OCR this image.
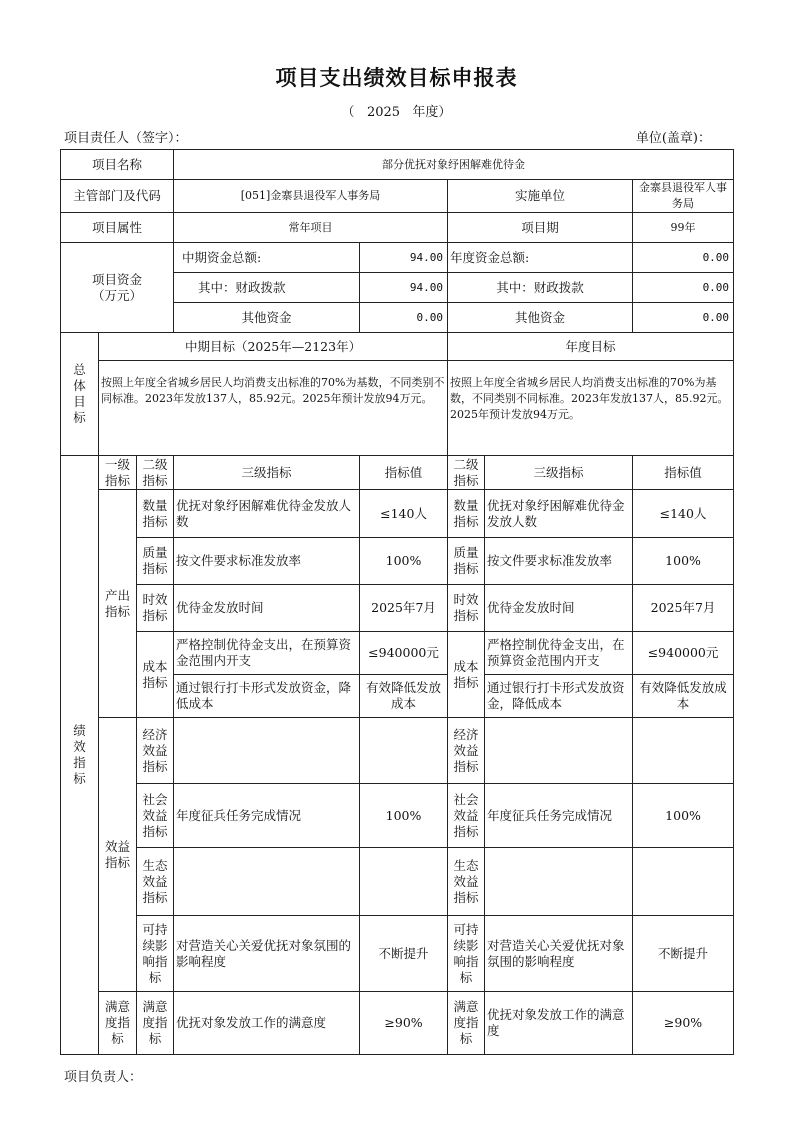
项目支出绩效目标申报表
（   2025   年度）
项目责任人（签字）：	单位(盖章)：
项目名称			部分优抚对象纾困解难优待金				
主管部门及代码			[051]金寨县退役军人事务局		实施单位		金寨县退役军人事务局
项目属性			常年项目		项目期		99年
项目资金（万元）			中期资金总额:	94.00	年度资金总额:		0.00
			其中：财政拨款	94.00	其中：财政拨款		0.00
			其他资金	0.00	其他资金		0.00
总体目标	中期目标（2025年—2123年）				年度目标		
	按照上年度全省城乡居民人均消费支出标准的70%为基数，不同类别不同标准。2023年发放137人，85.92元。2025年预计发放94万元。				按照上年度全省城乡居民人均消费支出标准的70%为基数，不同类别不同标准。2023年发放137人，85.92元。2025年预计发放94万元。		
绩效指标	一级指标	二级指标	三级指标	指标值	二级指标	三级指标	指标值
	产出指标	数量指标	优抚对象纾困解难优待金发放人数	≤140人	数量指标	优抚对象纾困解难优待金发放人数	≤140人
		质量指标	按文件要求标准发放率	100%	质量指标	按文件要求标准发放率	100%
		时效指标	优待金发放时间	2025年7月	时效指标	优待金发放时间	2025年7月
		成本指标	严格控制优待金支出，在预算资金范围内开支	≤940000元	成本指标	严格控制优待金支出，在预算资金范围内开支	≤940000元
			通过银行打卡形式发放资金，降低成本	有效降低发放成本		通过银行打卡形式发放资金，降低成本	有效降低发放成本
	效益指标	经济效益指标			经济效益指标		
		社会效益指标	年度征兵任务完成情况	100%	社会效益指标	年度征兵任务完成情况	100%
		生态效益指标			生态效益指标		
		可持续影响指标	对营造关心关爱优抚对象氛围的影响程度	不断提升	可持续影响指标	对营造关心关爱优抚对象氛围的影响程度	不断提升
	满意度指标	满意度指标	优抚对象发放工作的满意度	≥90%	满意度指标	优抚对象发放工作的满意度	≥90%
项目负责人：
